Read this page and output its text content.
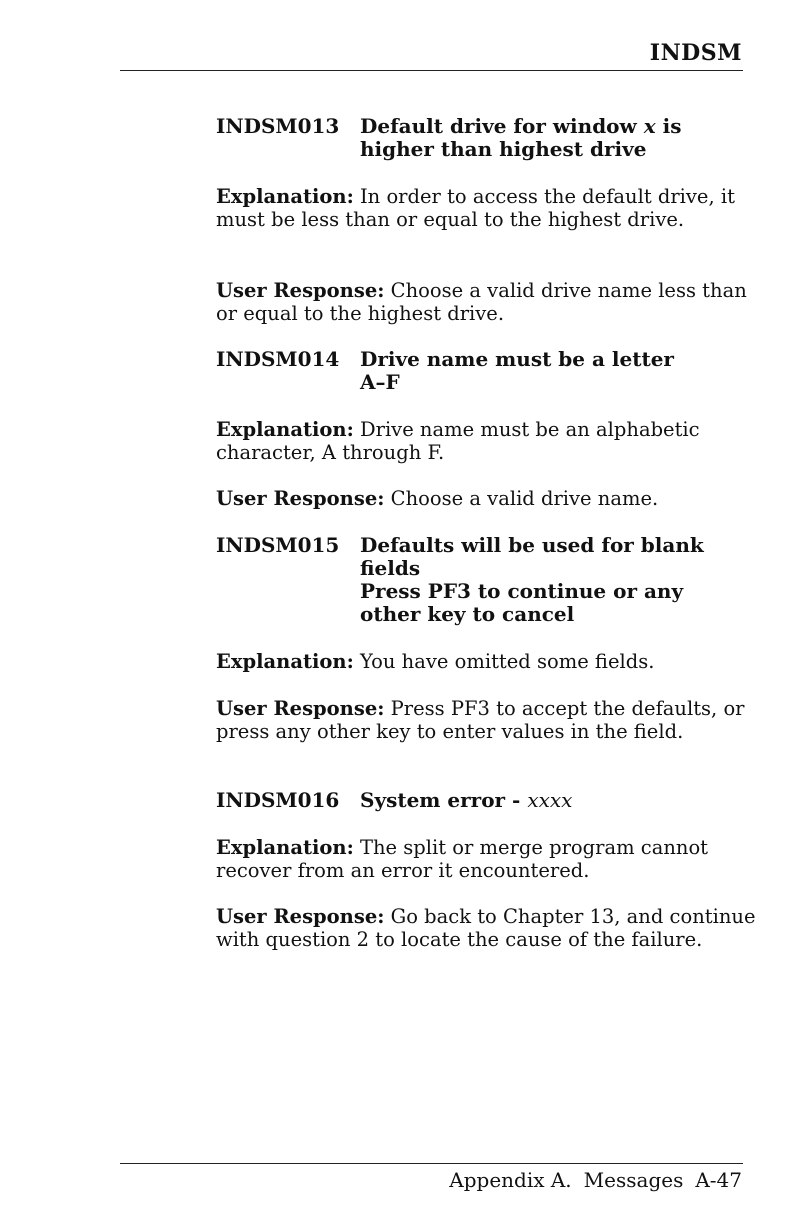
INDSM
INDSM013	Default drive for window x is
higher than highest drive
Explanation: In order to access the default drive, it must be less than or equal to the highest drive.
User Response: Choose a valid drive name less than or equal to the highest drive.
INDSM014	Drive name must be a letter
A–F
Explanation: Drive name must be an alphabetic character, A through F.
User Response: Choose a valid drive name.
INDSM015	Defaults will be used for blank
fields
Press PF3 to continue or any
other key to cancel
Explanation: You have omitted some fields.
User Response: Press PF3 to accept the defaults, or press any other key to enter values in the field.
INDSM016	System error - xxxx
Explanation: The split or merge program cannot recover from an error it encountered.
User Response: Go back to Chapter 13, and continue with question 2 to locate the cause of the failure.
Appendix A. Messages A-47
